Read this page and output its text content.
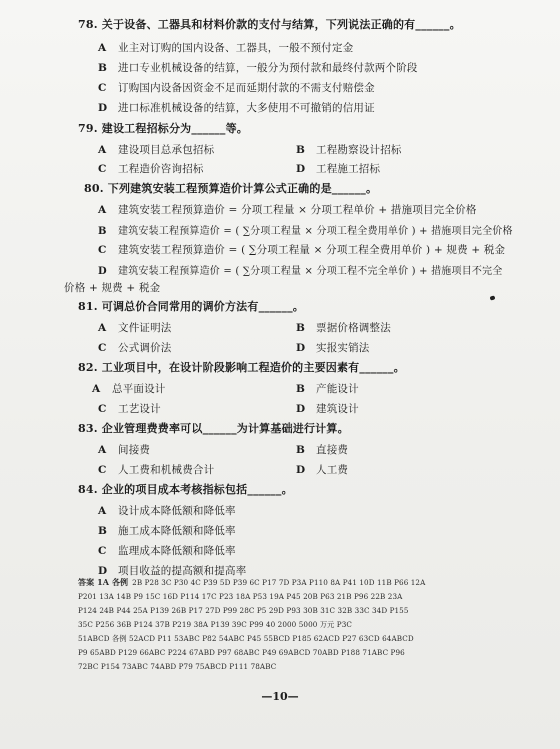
78. 关于设备、工器具和材料价款的支付与结算，下列说法正确的有______。
A 业主对订购的国内设备、工器具，一般不预付定金
B 进口专业机械设备的结算，一般分为预付款和最终付款两个阶段
C 订购国内设备因资金不足而延期付款的不需支付赔偿金
D 进口标准机械设备的结算，大多使用不可撤销的信用证
79. 建设工程招标分为______等。
A 建设项目总承包招标	B 工程勘察设计招标
C 工程造价咨询招标	D 工程施工招标
80. 下列建筑安装工程预算造价计算公式正确的是______。
A 建筑安装工程预算造价 = 分项工程量 × 分项工程单价 + 措施项目完全价格
B 建筑安装工程预算造价 = ( ∑分项工程量 × 分项工程全费用单价 ) + 措施项目完全价格
C 建筑安装工程预算造价 = ( ∑分项工程量 × 分项工程全费用单价 ) + 规费 + 税金
D 建筑安装工程预算造价 = ( ∑分项工程量 × 分项工程不完全单价 ) + 措施项目不完全
价格 + 规费 + 税金
81. 可调总价合同常用的调价方法有______。
A 文件证明法	B 票据价格调整法
C 公式调价法	D 实报实销法
82. 工业项目中，在设计阶段影响工程造价的主要因素有______。
A 总平面设计	B 产能设计
C 工艺设计	D 建筑设计
83. 企业管理费费率可以______为计算基础进行计算。
A 间接费	B 直接费
C 人工费和机械费合计	D 人工费
84. 企业的项目成本考核指标包括______。
A 设计成本降低额和降低率
B 施工成本降低额和降低率
C 监理成本降低额和降低率
D 项目收益的提高额和提高率
答案 1A 各例 2B P28 3C P30 4C P39 5D P39 6C P17 7D P3A P110 8A P41 10D 11B P66 12A
P201 13A 14B P9 15C 16D P114 17C P23 18A P53 19A P45 20B P63 21B P96 22B 23A
P124 24B P44 25A P139 26B P17 27D P99 28C P5 29D P93 30B 31C 32B 33C 34D P155
35C P256 36B P124 37B P219 38A P139 39C P99 40 2000 5000 万元 P3C
51ABCD 各例 52ACD P11 53ABC P82 54ABC P45 55BCD P185 62ACD P27 63CD 64ABCD
P9 65ABD P129 66ABC P224 67ABD P97 68ABC P49 69ABCD 70ABD P188 71ABC P96
72BC P154 73ABC 74ABD P79 75ABCD P111 78ABC
—10—
